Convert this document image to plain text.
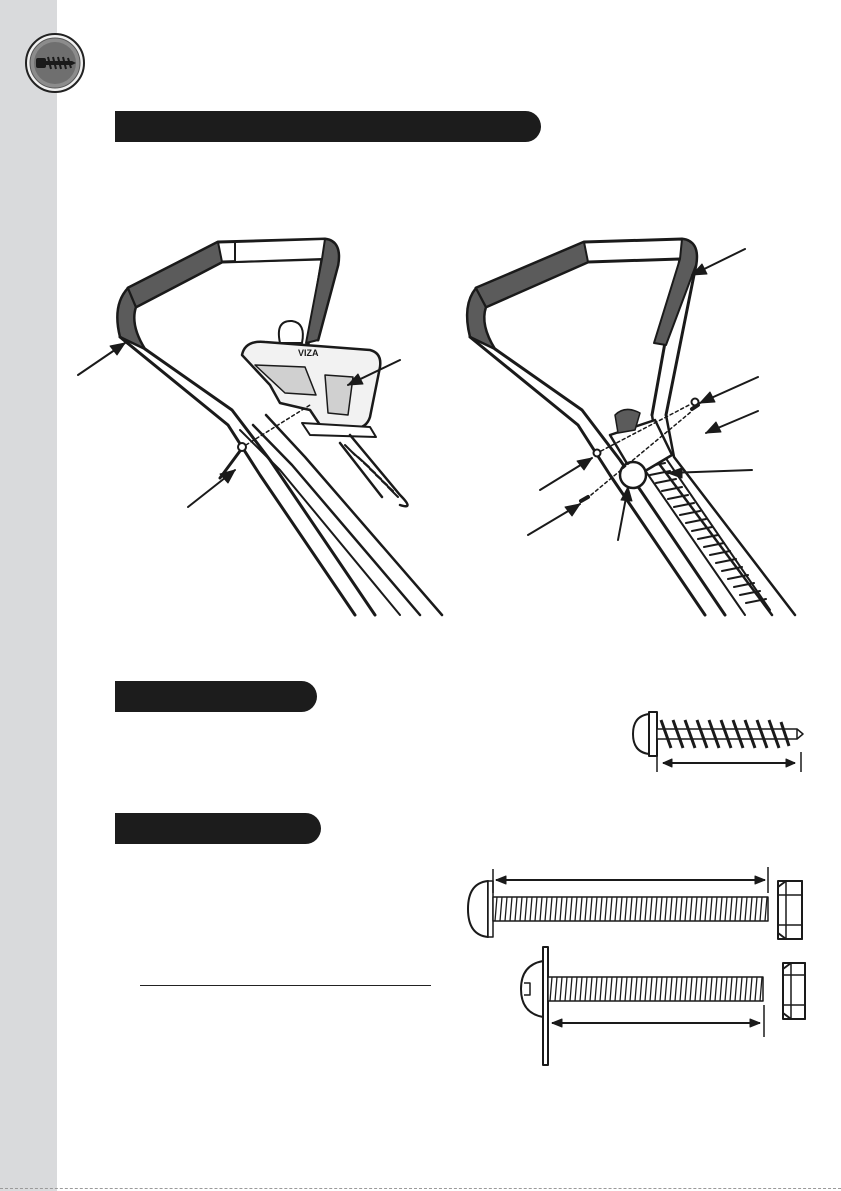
VIZA
